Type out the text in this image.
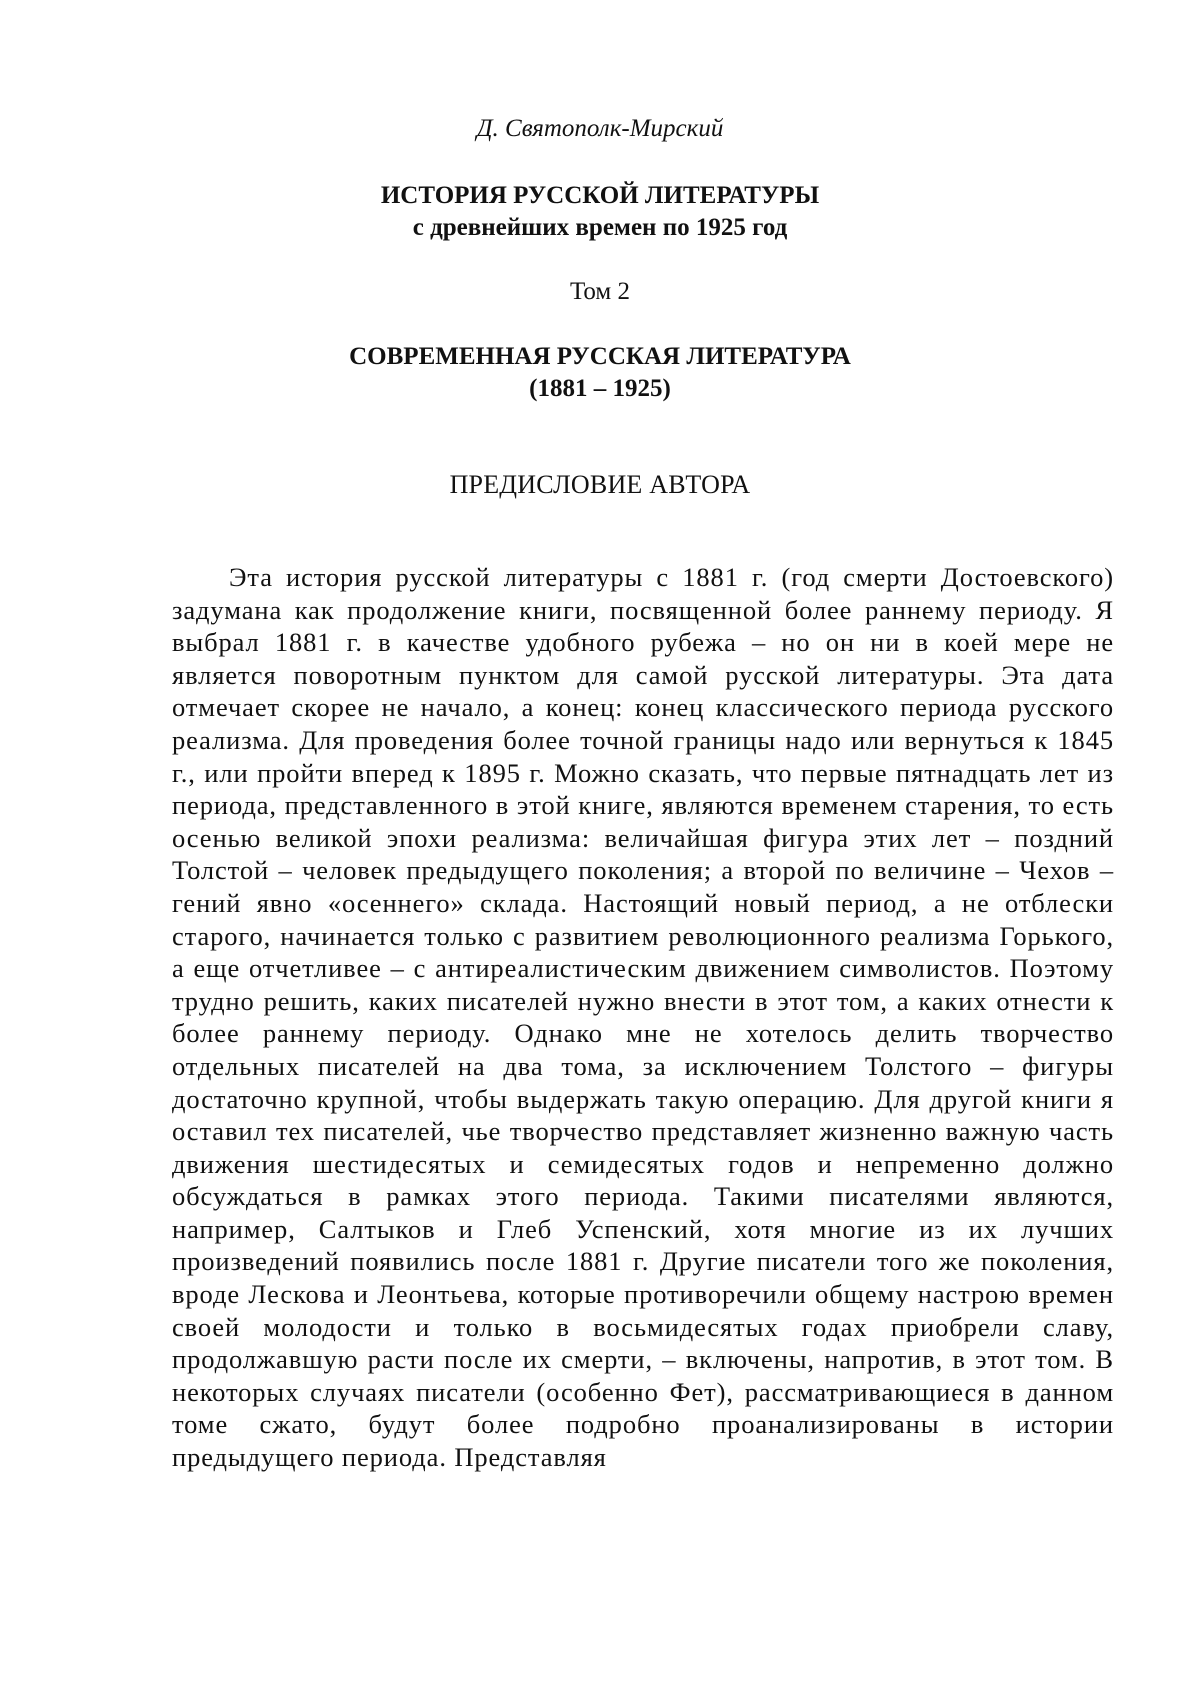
Д. Святополк-Мирский
ИСТОРИЯ РУССКОЙ ЛИТЕРАТУРЫ
с древнейших времен по 1925 год
Том 2
СОВРЕМЕННАЯ РУССКАЯ ЛИТЕРАТУРА
(1881 – 1925)
ПРЕДИСЛОВИЕ АВТОРА

Эта история русской литературы с 1881 г. (год смерти Достоевского) задумана как продолжение книги, посвященной более раннему периоду. Я выбрал 1881 г. в качестве удобного рубежа – но он ни в коей мере не является поворотным пунктом для самой русской литературы. Эта дата отмечает скорее не начало, а конец: конец классического периода русского реализма. Для проведения более точной границы надо или вернуться к 1845 г., или пройти вперед к 1895 г. Можно сказать, что первые пятнадцать лет из периода, представленного в этой книге, являются временем старения, то есть осенью великой эпохи реализма: величайшая фигура этих лет – поздний Толстой – человек предыдущего поколения; а второй по величине – Чехов – гений явно «осеннего» склада. Настоящий новый период, а не отблески старого, начинается только с развитием революционного реализма Горького, а еще отчетливее – с антиреалистическим движением символистов. Поэтому трудно решить, каких писателей нужно внести в этот том, а каких отнести к более раннему периоду. Однако мне не хотелось делить творчество отдельных писателей на два тома, за исключением Толстого – фигуры достаточно крупной, чтобы выдержать такую операцию. Для другой книги я оставил тех писателей, чье творчество представляет жизненно важную часть движения шестидесятых и семидесятых годов и непременно должно обсуждаться в рамках этого периода. Такими писателями являются, например, Салтыков и Глеб Успенский, хотя многие из их лучших произведений появились после 1881 г. Другие писатели того же поколения, вроде Лескова и Леонтьева, которые противоречили общему настрою времен своей молодости и только в восьмидесятых годах приобрели славу, продолжавшую расти после их смерти, – включены, напротив, в этот том. В некоторых случаях писатели (особенно Фет), рассматривающиеся в данном томе сжато, будут более подробно проанализированы в истории предыдущего периода. Представляя
